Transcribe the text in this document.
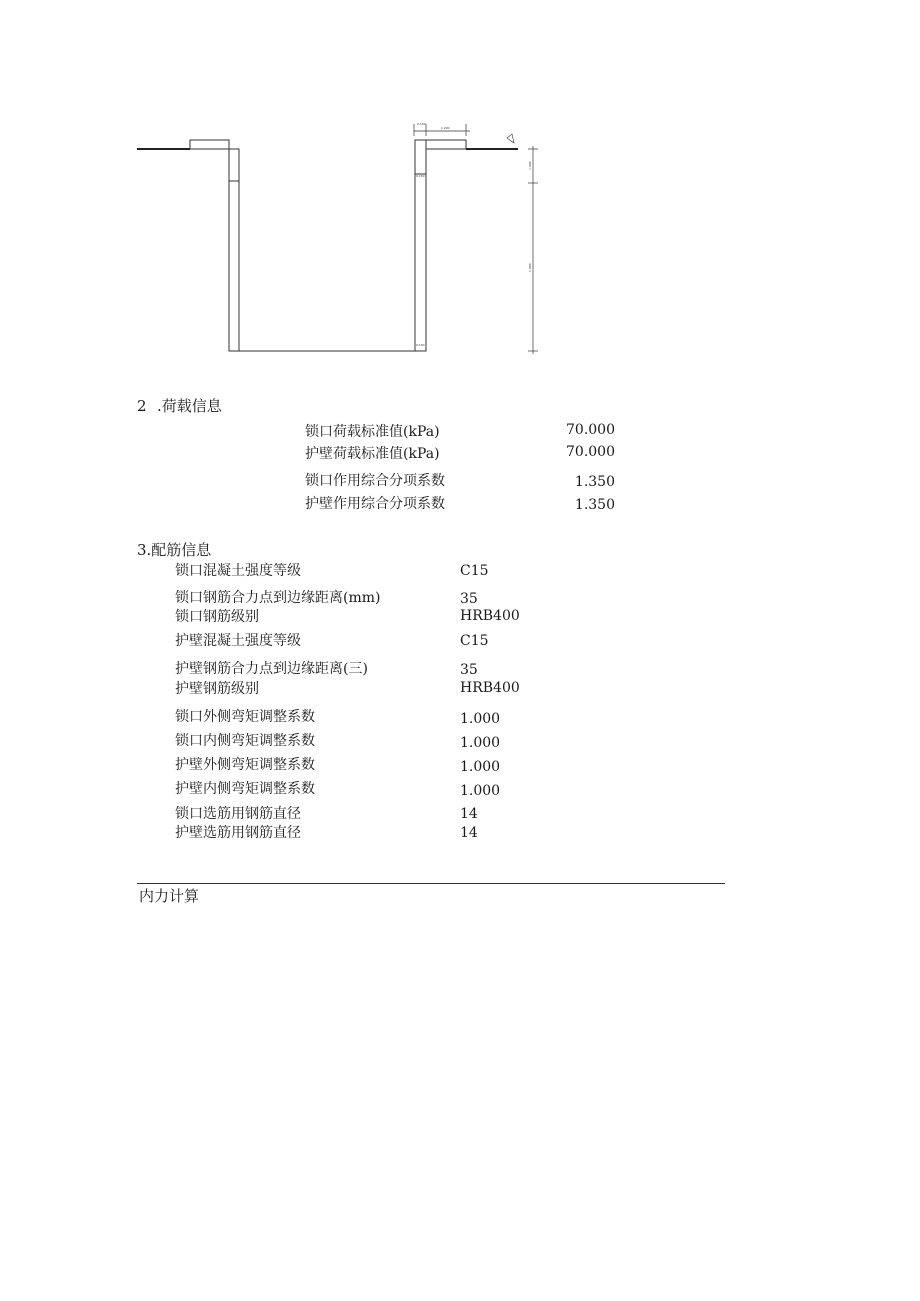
0.150
1.200
1.000
5.000
0.150
0.150
2 .荷载信息
锁口荷载标准值(kPa)	70.000
护壁荷载标准值(kPa)	70.000
锁口作用综合分项系数	1.350
护壁作用综合分项系数	1.350
3.配筋信息
锁口混凝土强度等级	C15
锁口钢筋合力点到边缘距离(mm)	35
锁口钢筋级别	HRB400
护壁混凝土强度等级	C15
护壁钢筋合力点到边缘距离(三)	35
护壁钢筋级别	HRB400
锁口外侧弯矩调整系数	1.000
锁口内侧弯矩调整系数	1.000
护壁外侧弯矩调整系数	1.000
护壁内侧弯矩调整系数	1.000
锁口选筋用钢筋直径	14
护壁选筋用钢筋直径	14
内力计算
